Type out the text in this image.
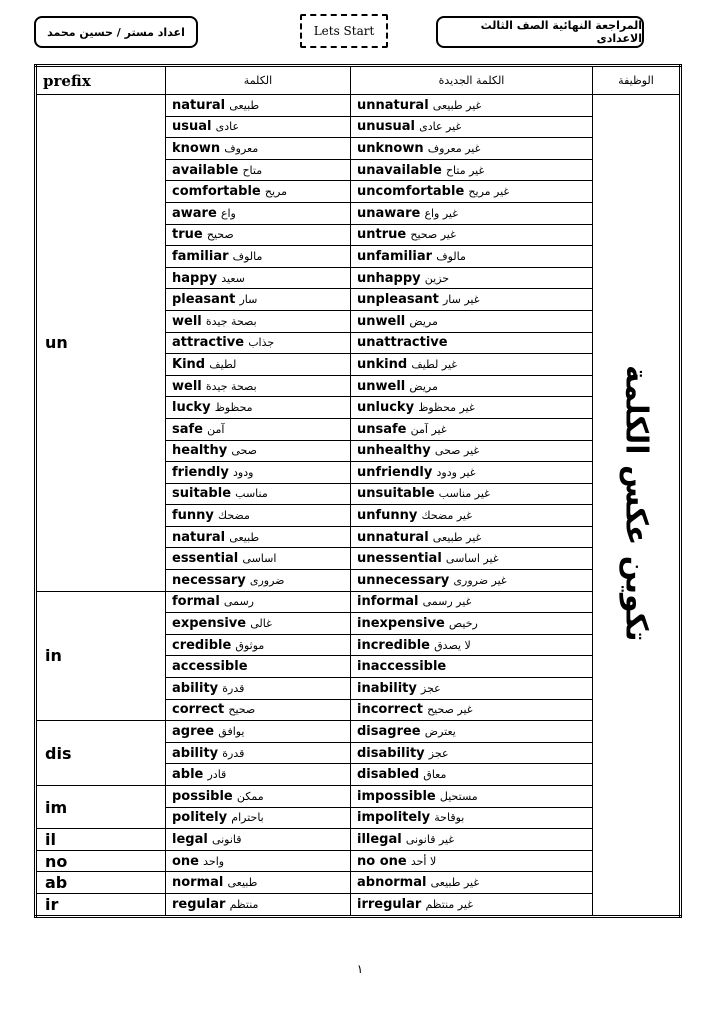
اعداد مستر / حسين محمد	Lets Start	المراجعة النهائية الصف الثالث الاعدادى
prefix	الكلمة	الكلمة الجديدة	الوظيفة
un	natural طبيعى	unnatural غير طبيعى	تكوين عكس الكلمة
	usual عادى	unusual غير عادى	
	known معروف	unknown غير معروف	
	available متاح	unavailable غير متاح	
	comfortable مريح	uncomfortable غير مريح	
	aware واع	unaware غير واع	
	true صحيح	untrue غير صحيح	
	familiar مالوف	unfamiliar مالوف	
	happy سعيد	unhappy حزين	
	pleasant سار	unpleasant غير سار	
	well بصحة جيدة	unwell مريض	
	attractive جذاب	unattractive	
	Kind لطيف	unkind غير لطيف	
	well بصحة جيدة	unwell مريض	
	lucky محظوظ	unlucky غير محظوظ	
	safe آمن	unsafe غير آمن	
	healthy صحى	unhealthy غير صحى	
	friendly ودود	unfriendly غير ودود	
	suitable مناسب	unsuitable غير مناسب	
	funny مضحك	unfunny غير مضحك	
	natural طبيعى	unnatural غير طبيعى	
	essential اساسى	unessential غير اساسى	
	necessary ضرورى	unnecessary غير ضرورى	
in	formal رسمى	informal غير رسمى	
	expensive غالى	inexpensive رخيص	
	credible موثوق	incredible لا يصدق	
	accessible	inaccessible	
	ability قدرة	inability عجز	
	correct صحيح	incorrect غير صحيح	
dis	agree يوافق	disagree يعترض	
	ability قدرة	disability عجز	
	able قادر	disabled معاق	
im	possible ممكن	impossible مستحيل	
	politely باحترام	impolitely بوقاحة	
il	legal قانونى	illegal غير قانونى	
no	one واحد	no one لا أحد	
ab	normal طبيعى	abnormal غير طبيعى	
ir	regular منتظم	irregular غير منتظم	
١
